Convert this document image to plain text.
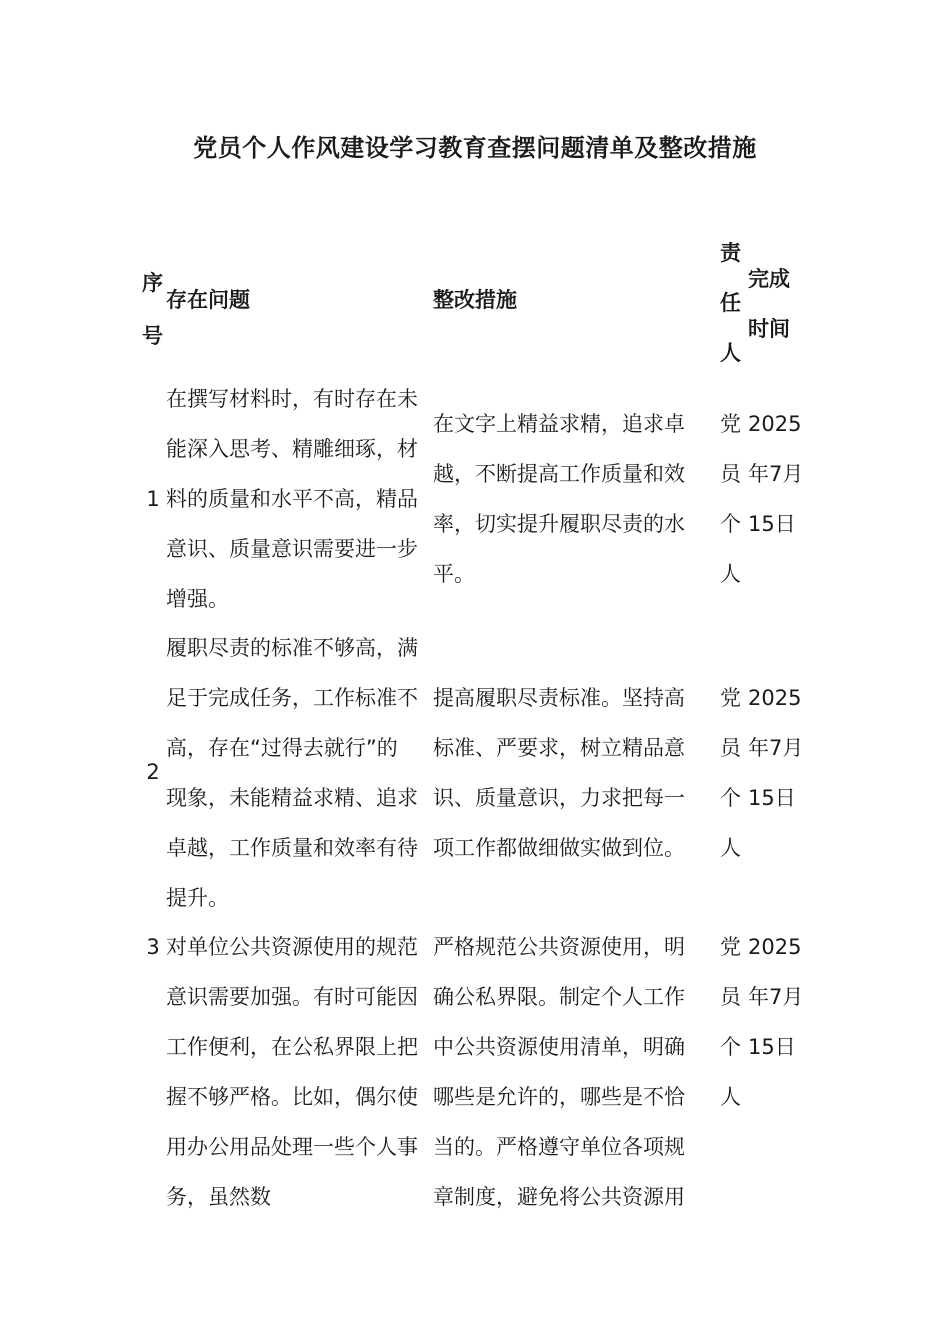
党员个人作风建设学习教育查摆问题清单及整改措施
序号
存在问题	整改措施
责任人
完成时间
1
在撰写材料时，有时存在未能深入思考、精雕细琢，材料的质量和水平不高，精品意识、质量意识需要进一步增强。
在文字上精益求精，追求卓越，不断提高工作质量和效率，切实提升履职尽责的水平。
党员个人
2025年7月15日
2
履职尽责的标准不够高，满足于完成任务，工作标准不高，存在“过得去就行”的现象，未能精益求精、追求卓越，工作质量和效率有待提升。
提高履职尽责标准。坚持高标准、严要求，树立精品意识、质量意识，力求把每一项工作都做细做实做到位。
党员个人
2025年7月15日
3 对单位公共资源使用的规范意识需要加强。有时可能因工作便利，在公私界限上把握不够严格。比如，偶尔使用办公用品处理一些个人事务，虽然数
严格规范公共资源使用，明确公私界限。制定个人工作中公共资源使用清单，明确哪些是允许的，哪些是不恰当的。严格遵守单位各项规章制度，避免将公共资源用
党员个人
2025年7月15日
